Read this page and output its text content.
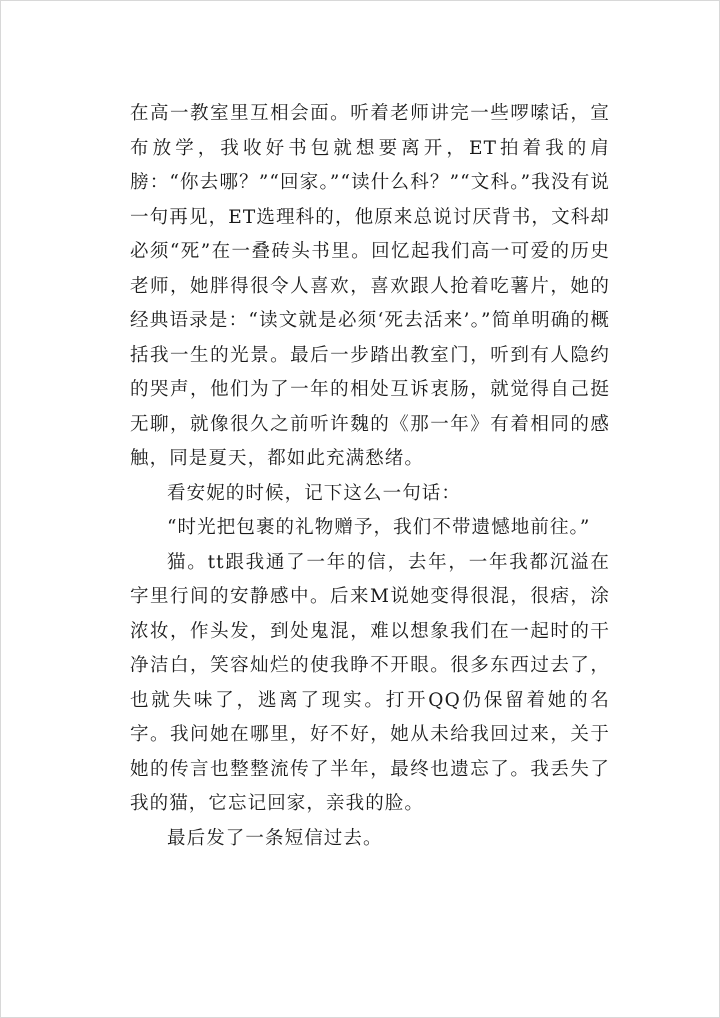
在高一教室里互相会面。听着老师讲完一些啰嗦话，宣布放学，我收好书包就想要离开，ET拍着我的肩膀：“你去哪？”“回家。”“读什么科？”“文科。”我没有说一句再见，ET选理科的，他原来总说讨厌背书，文科却必须“死”在一叠砖头书里。回忆起我们高一可爱的历史老师，她胖得很令人喜欢，喜欢跟人抢着吃薯片，她的经典语录是：“读文就是必须‘死去活来’。”简单明确的概括我一生的光景。最后一步踏出教室门，听到有人隐约的哭声，他们为了一年的相处互诉衷肠，就觉得自己挺无聊，就像很久之前听许魏的《那一年》有着相同的感触，同是夏天，都如此充满愁绪。

看安妮的时候，记下这么一句话：

“时光把包裹的礼物赠予，我们不带遗憾地前往。”

猫。tt跟我通了一年的信，去年，一年我都沉溢在字里行间的安静感中。后来M说她变得很混，很痞，涂浓妆，作头发，到处鬼混，难以想象我们在一起时的干净洁白，笑容灿烂的使我睁不开眼。很多东西过去了，也就失味了，逃离了现实。打开QQ仍保留着她的名字。我问她在哪里，好不好，她从未给我回过来，关于她的传言也整整流传了半年，最终也遗忘了。我丢失了我的猫，它忘记回家，亲我的脸。

最后发了一条短信过去。
